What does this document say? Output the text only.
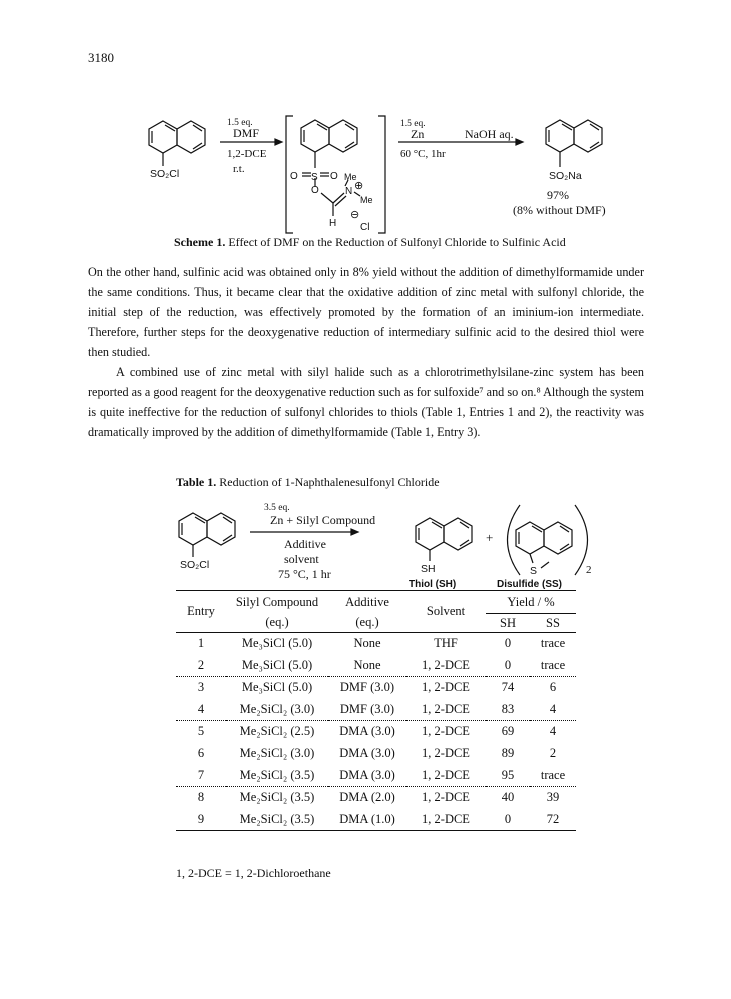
3180
SO₂Cl
1.5 eq.
DMF
1,2-DCE
r.t.
O S O Me
O	N ⊕
Me
H
⊖
Cl
1.5 eq.
Zn
60 °C, 1hr
NaOH aq.
SO₂Na
97%
(8% without DMF)
Scheme 1. Effect of DMF on the Reduction of Sulfonyl Chloride to Sulfinic Acid

On the other hand, sulfinic acid was obtained only in 8% yield without the addition of dimethylformamide under the same conditions. Thus, it became clear that the oxidative addition of zinc metal with sulfonyl chloride, the initial step of the reduction, was effectively promoted by the formation of an iminium-ion intermediate. Therefore, further steps for the deoxygenative reduction of intermediary sulfinic acid to the desired thiol were then studied.

A combined use of zinc metal with silyl halide such as a chlorotrimethylsilane-zinc system has been reported as a good reagent for the deoxygenative reduction such as for sulfoxide⁷ and so on.⁸ Although the system is quite ineffective for the reduction of sulfonyl chlorides to thiols (Table 1, Entries 1 and 2), the reactivity was dramatically improved by the addition of dimethylformamide (Table 1, Entry 3).

Table 1. Reduction of 1-Naphthalenesulfonyl Chloride
SO₂Cl
3.5 eq.
Zn + Silyl Compound
Additive
solvent
75 °C, 1 hr	SH
Thiol (SH)
+
S	2
Disulfide (SS)
Entry	Silyl Compound	Additive	Solvent	Yield / %	
	(eq.)	(eq.)		SH	SS
1	Me₃SiCl (5.0)	None	THF	0	trace
2	Me₃SiCl (5.0)	None	1, 2-DCE	0	trace
3	Me₃SiCl (5.0)	DMF (3.0)	1, 2-DCE	74	6
4	Me₂SiCl₂ (3.0)	DMF (3.0)	1, 2-DCE	83	4
5	Me₂SiCl₂ (2.5)	DMA (3.0)	1, 2-DCE	69	4
6	Me₂SiCl₂ (3.0)	DMA (3.0)	1, 2-DCE	89	2
7	Me₂SiCl₂ (3.5)	DMA (3.0)	1, 2-DCE	95	trace
8	Me₂SiCl₂ (3.5)	DMA (2.0)	1, 2-DCE	40	39
9	Me₂SiCl₂ (3.5)	DMA (1.0)	1, 2-DCE	0	72
1, 2-DCE = 1, 2-Dichloroethane
